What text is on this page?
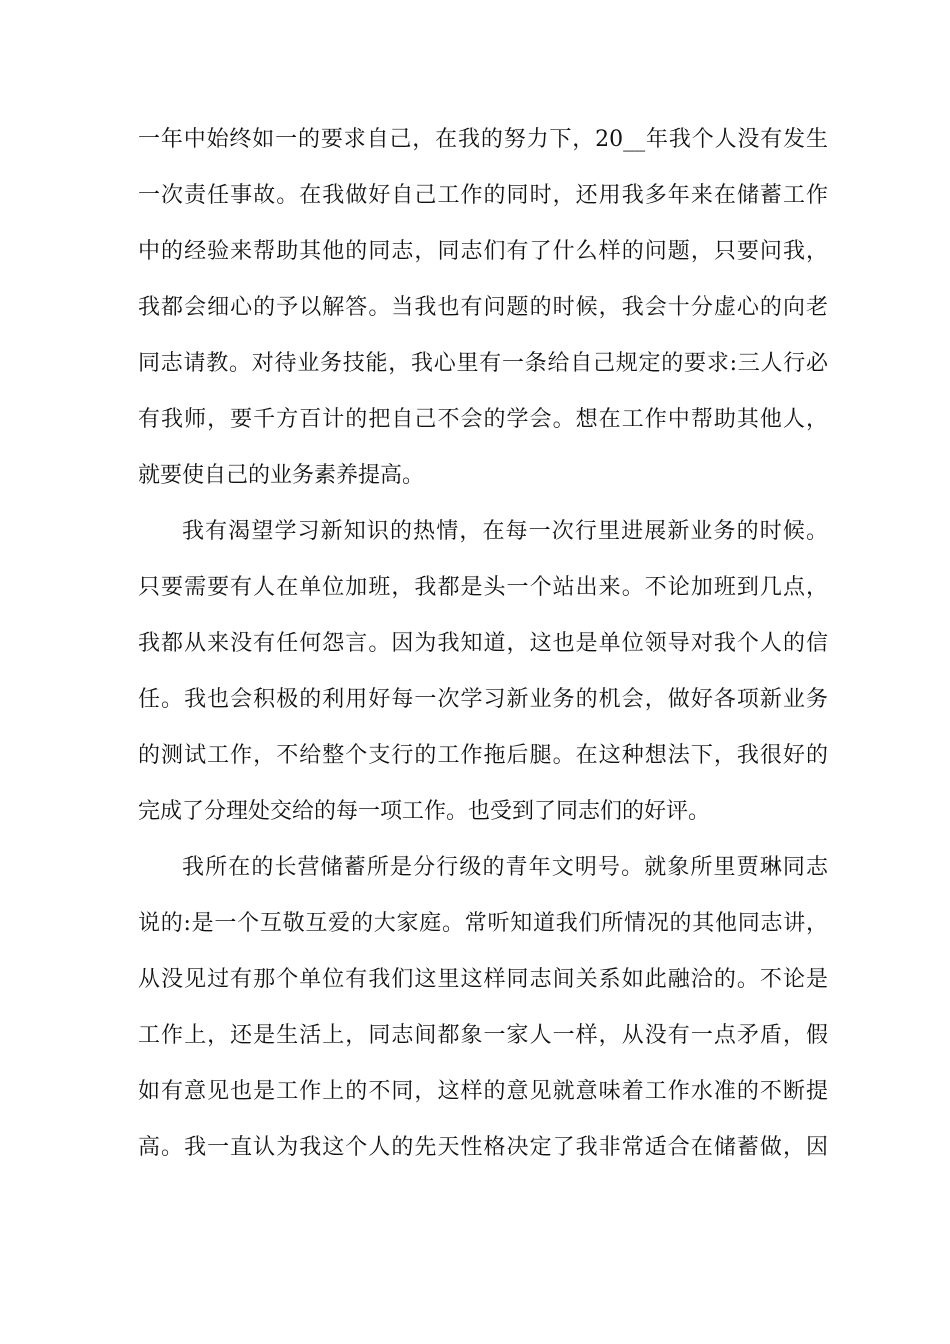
一年中始终如一的要求自己，在我的努力下，20__年我个人没有发生
一次责任事故。在我做好自己工作的同时，还用我多年来在储蓄工作
中的经验来帮助其他的同志，同志们有了什么样的问题，只要问我，
我都会细心的予以解答。当我也有问题的时候，我会十分虚心的向老
同志请教。对待业务技能，我心里有一条给自己规定的要求:三人行必
有我师，要千方百计的把自己不会的学会。想在工作中帮助其他人，
就要使自己的业务素养提高。
我有渴望学习新知识的热情，在每一次行里进展新业务的时候。
只要需要有人在单位加班，我都是头一个站出来。不论加班到几点，
我都从来没有任何怨言。因为我知道，这也是单位领导对我个人的信
任。我也会积极的利用好每一次学习新业务的机会，做好各项新业务
的测试工作，不给整个支行的工作拖后腿。在这种想法下，我很好的
完成了分理处交给的每一项工作。也受到了同志们的好评。
我所在的长营储蓄所是分行级的青年文明号。就象所里贾琳同志
说的:是一个互敬互爱的大家庭。常听知道我们所情况的其他同志讲，
从没见过有那个单位有我们这里这样同志间关系如此融洽的。不论是
工作上，还是生活上，同志间都象一家人一样，从没有一点矛盾，假
如有意见也是工作上的不同，这样的意见就意味着工作水准的不断提
高。我一直认为我这个人的先天性格决定了我非常适合在储蓄做，因
